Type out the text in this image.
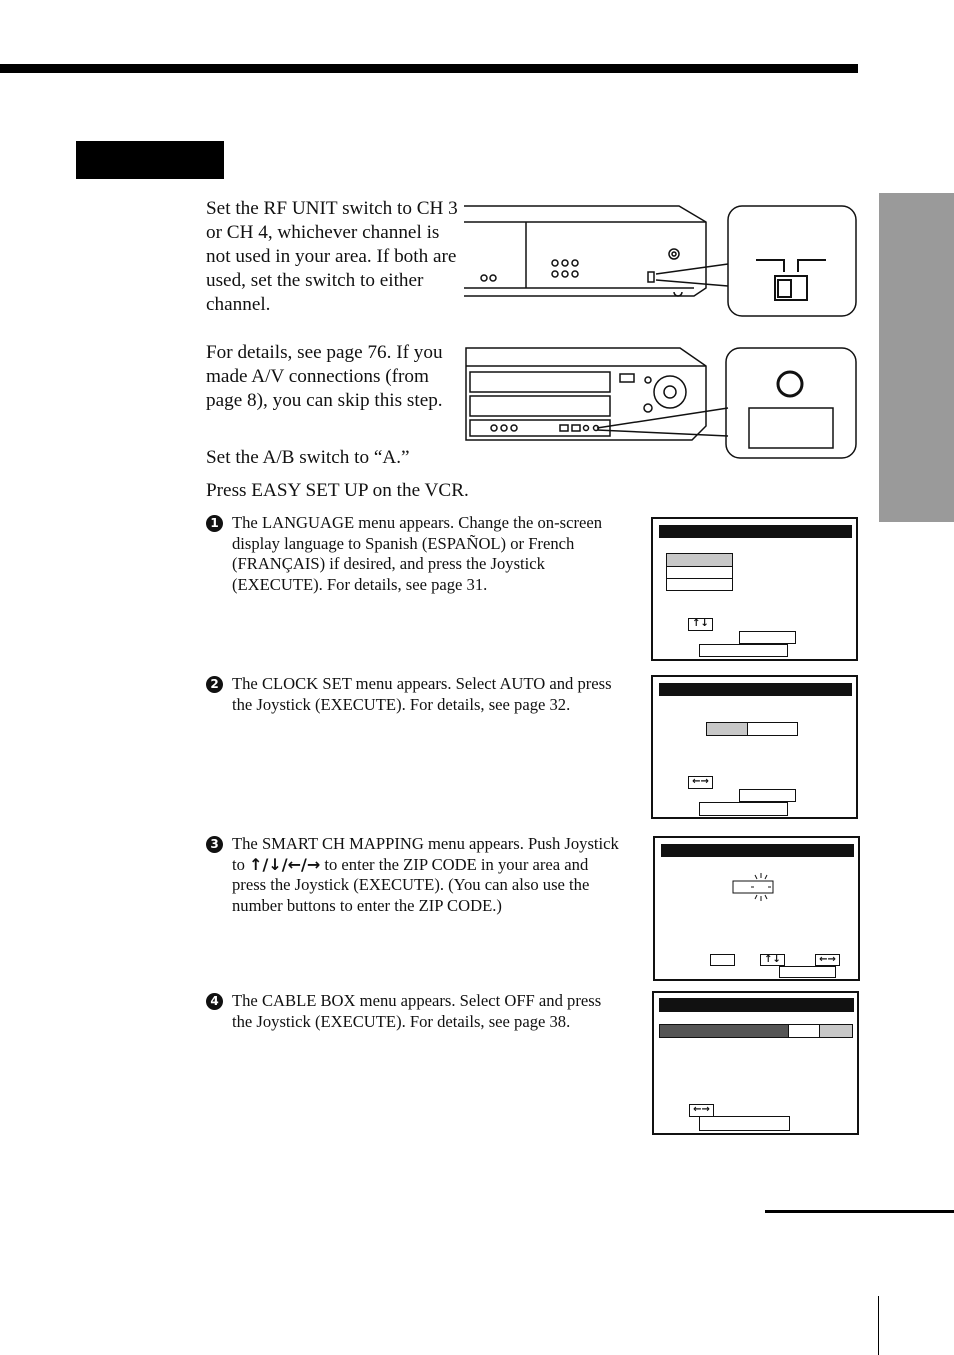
Set the RF UNIT switch to CH 3 or CH 4, whichever channel is not used in your area. If both are used, set the switch to either channel.
For details, see page 76. If you made A/V connections (from page 8), you can skip this step.
Set the A/B switch to “A.”
Press EASY SET UP on the VCR.
1 The LANGUAGE menu appears. Change the on-screen display language to Spanish (ESPAÑOL) or French (FRANÇAIS) if desired, and press the Joystick (EXECUTE). For details, see page 31.
2 The CLOCK SET menu appears. Select AUTO and press the Joystick (EXECUTE). For details, see page 32.
3 The SMART CH MAPPING menu appears. Push Joystick to ↑/↓/←/→ to enter the ZIP CODE in your area and press the Joystick (EXECUTE). (You can also use the number buttons to enter the ZIP CODE.)
4 The CABLE BOX menu appears. Select OFF and press the Joystick (EXECUTE). For details, see page 38.
↑↓
←→
↑↓	←→
←→
